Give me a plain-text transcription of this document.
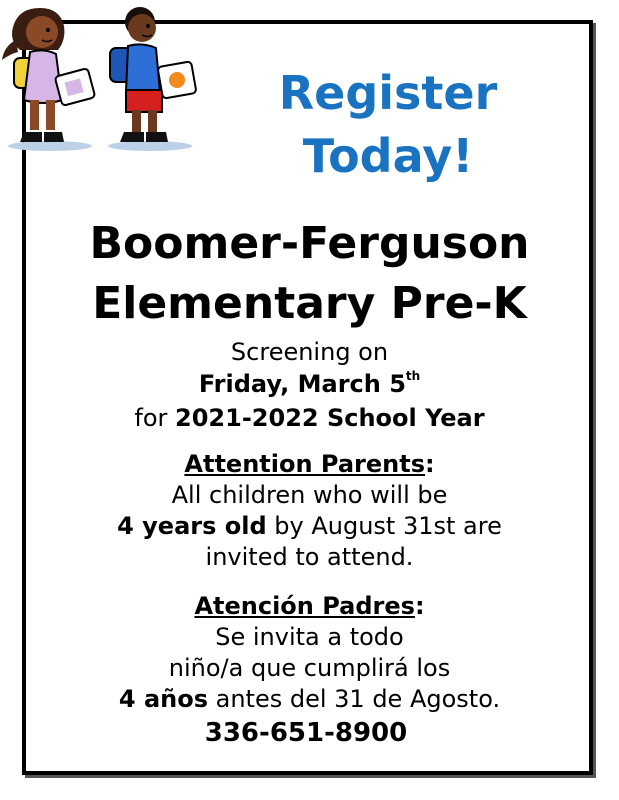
Register
Today!
Boomer-Ferguson
Elementary Pre-K
Screening on
Friday, March 5th
for 2021-2022 School Year
Attention Parents:
All children who will be
4 years old by August 31st are
invited to attend.
Atención Padres:
Se invita a todo
niño/a que cumplirá los
4 años antes del 31 de Agosto.
336-651-8900
